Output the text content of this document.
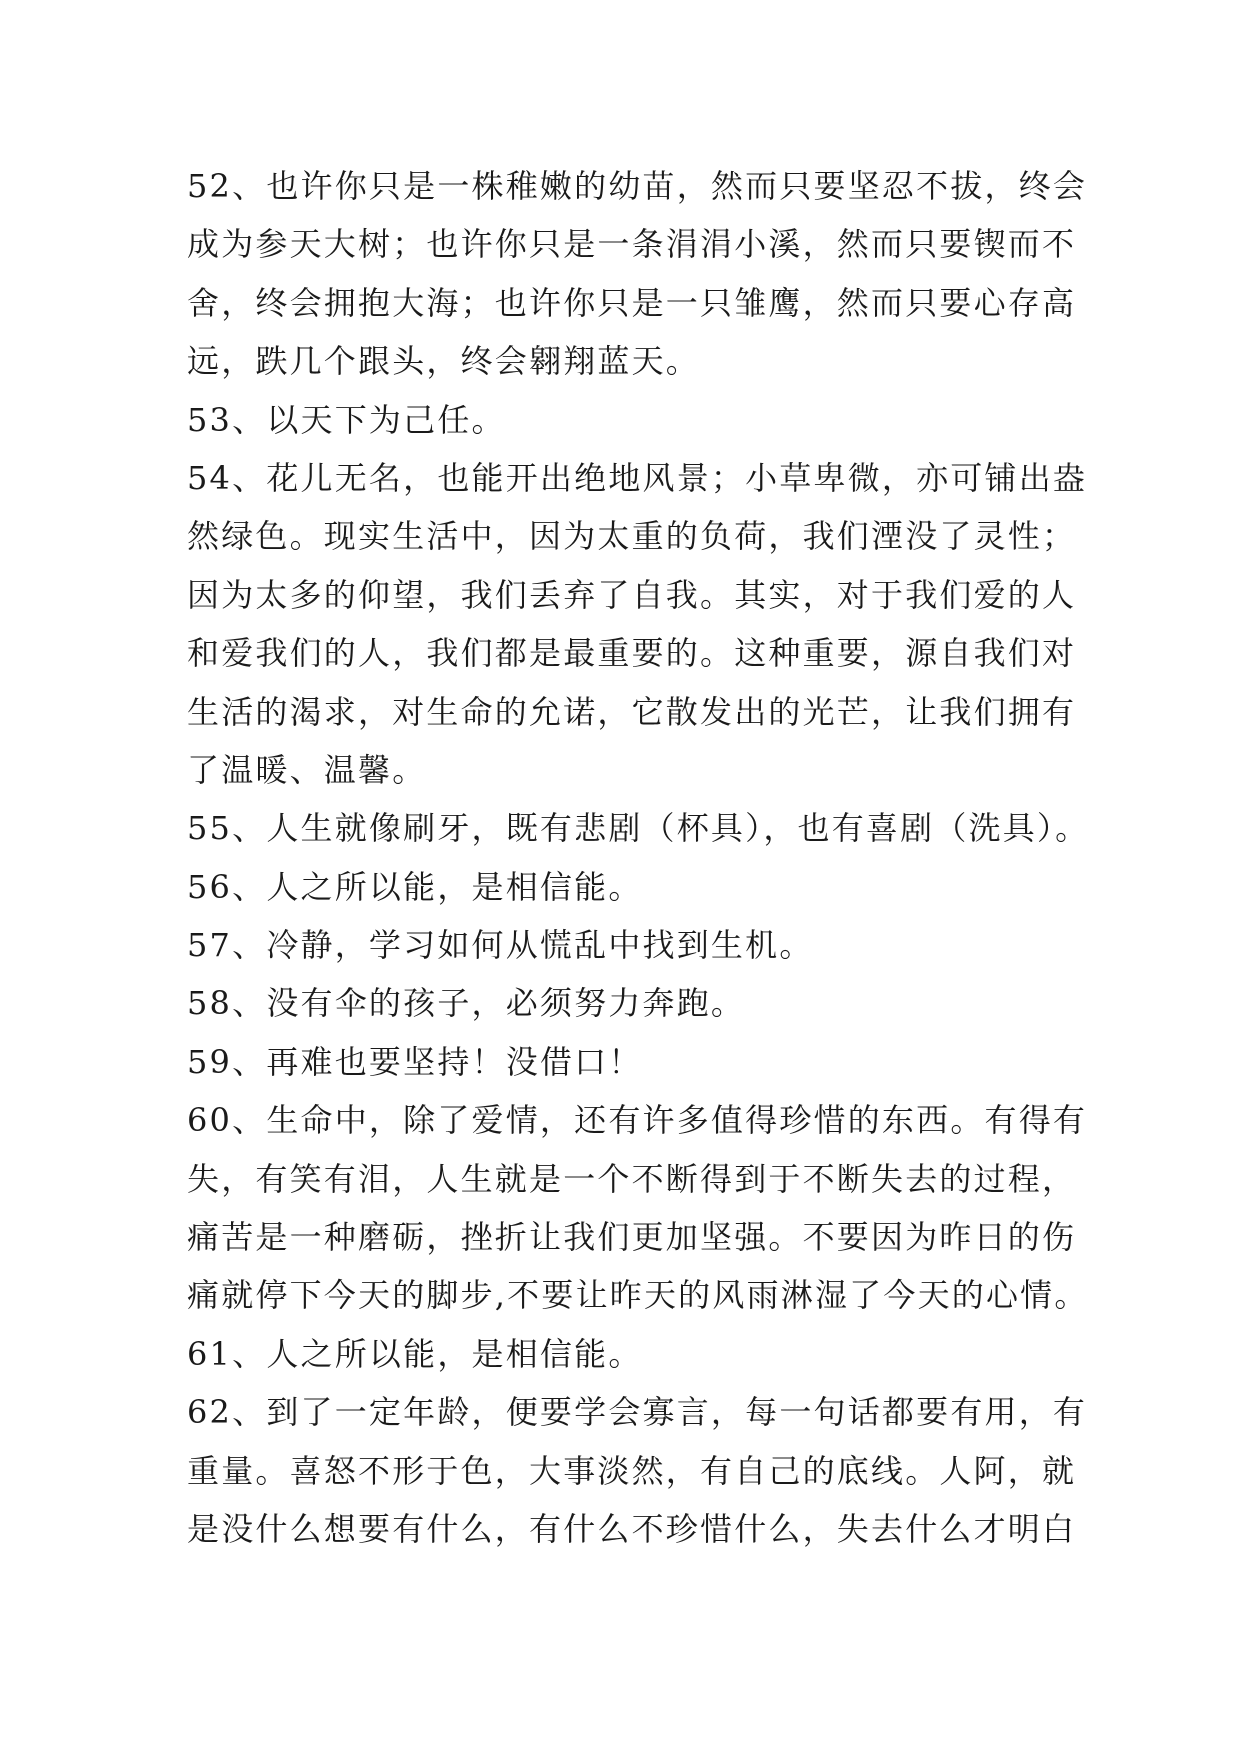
52、也许你只是一株稚嫩的幼苗，然而只要坚忍不拔，终会
成为参天大树；也许你只是一条涓涓小溪，然而只要锲而不
舍，终会拥抱大海；也许你只是一只雏鹰，然而只要心存高
远，跌几个跟头，终会翱翔蓝天。

53、以天下为己任。

54、花儿无名，也能开出绝地风景；小草卑微，亦可铺出盎
然绿色。现实生活中，因为太重的负荷，我们湮没了灵性；
因为太多的仰望，我们丢弃了自我。其实，对于我们爱的人
和爱我们的人，我们都是最重要的。这种重要，源自我们对
生活的渴求，对生命的允诺，它散发出的光芒，让我们拥有
了温暖、温馨。

55、人生就像刷牙，既有悲剧（杯具），也有喜剧（洗具）。

56、人之所以能，是相信能。

57、冷静，学习如何从慌乱中找到生机。

58、没有伞的孩子，必须努力奔跑。

59、再难也要坚持！没借口！

60、生命中，除了爱情，还有许多值得珍惜的东西。有得有
失，有笑有泪，人生就是一个不断得到于不断失去的过程，
痛苦是一种磨砺，挫折让我们更加坚强。不要因为昨日的伤
痛就停下今天的脚步,不要让昨天的风雨淋湿了今天的心情。

61、人之所以能，是相信能。

62、到了一定年龄，便要学会寡言，每一句话都要有用，有
重量。喜怒不形于色，大事淡然，有自己的底线。人阿，就
是没什么想要有什么，有什么不珍惜什么，失去什么才明白
